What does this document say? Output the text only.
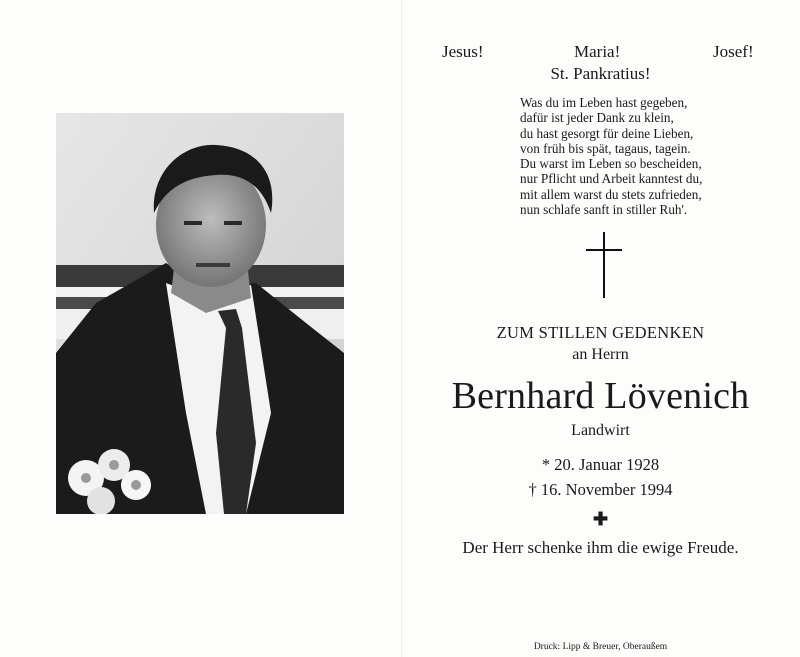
Jesus!	Maria!	Josef!
St. Pankratius!
Was du im Leben hast gegeben,
dafür ist jeder Dank zu klein,
du hast gesorgt für deine Lieben,
von früh bis spät, tagaus, tagein.
Du warst im Leben so bescheiden,
nur Pflicht und Arbeit kanntest du,
mit allem warst du stets zufrieden,
nun schlafe sanft in stiller Ruh'.
ZUM STILLEN GEDENKEN
an Herrn
Bernhard Lövenich
Landwirt
* 20. Januar 1928
† 16. November 1994
✚
Der Herr schenke ihm die ewige Freude.
Druck: Lipp & Breuer, Oberaußem
